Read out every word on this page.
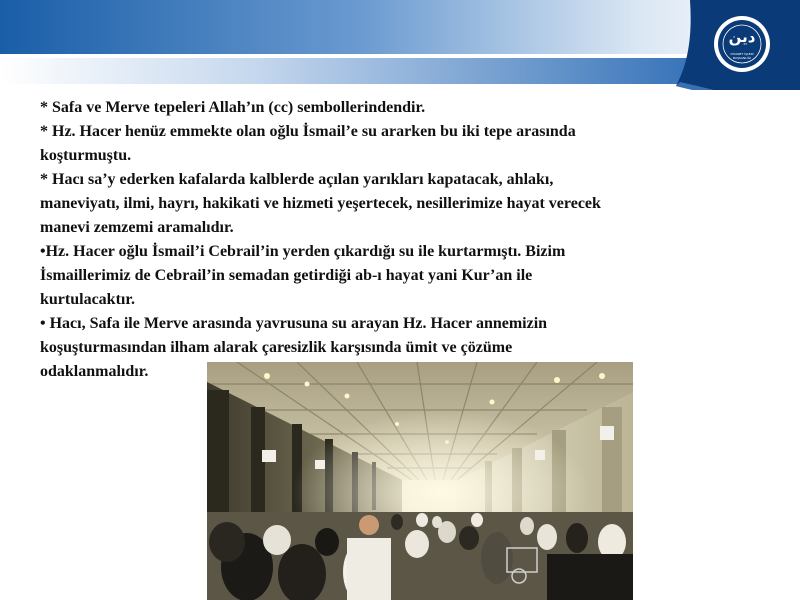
دين
DİYANET İŞLERİ BAŞKANLIĞI

* Safa ve Merve tepeleri Allah’ın (cc) sembollerindendir.

* Hz. Hacer henüz emmekte olan oğlu İsmail’e su ararken bu iki tepe arasında

koşturmuştu.

* Hacı sa’y ederken kafalarda kalblerde açılan yarıkları kapatacak, ahlakı,

maneviyatı, ilmi, hayrı, hakikati ve hizmeti yeşertecek, nesillerimize hayat verecek

manevi zemzemi aramalıdır.

•Hz. Hacer oğlu İsmail’i Cebrail’in yerden çıkardığı su ile kurtarmıştı. Bizim

İsmaillerimiz de Cebrail’in semadan getirdiği ab-ı hayat yani Kur’an ile

kurtulacaktır.

• Hacı, Safa ile Merve arasında yavrusuna su arayan Hz. Hacer annemizin

koşuşturmasından ilham alarak çaresizlik karşısında ümit ve çözüme

odaklanmalıdır.
